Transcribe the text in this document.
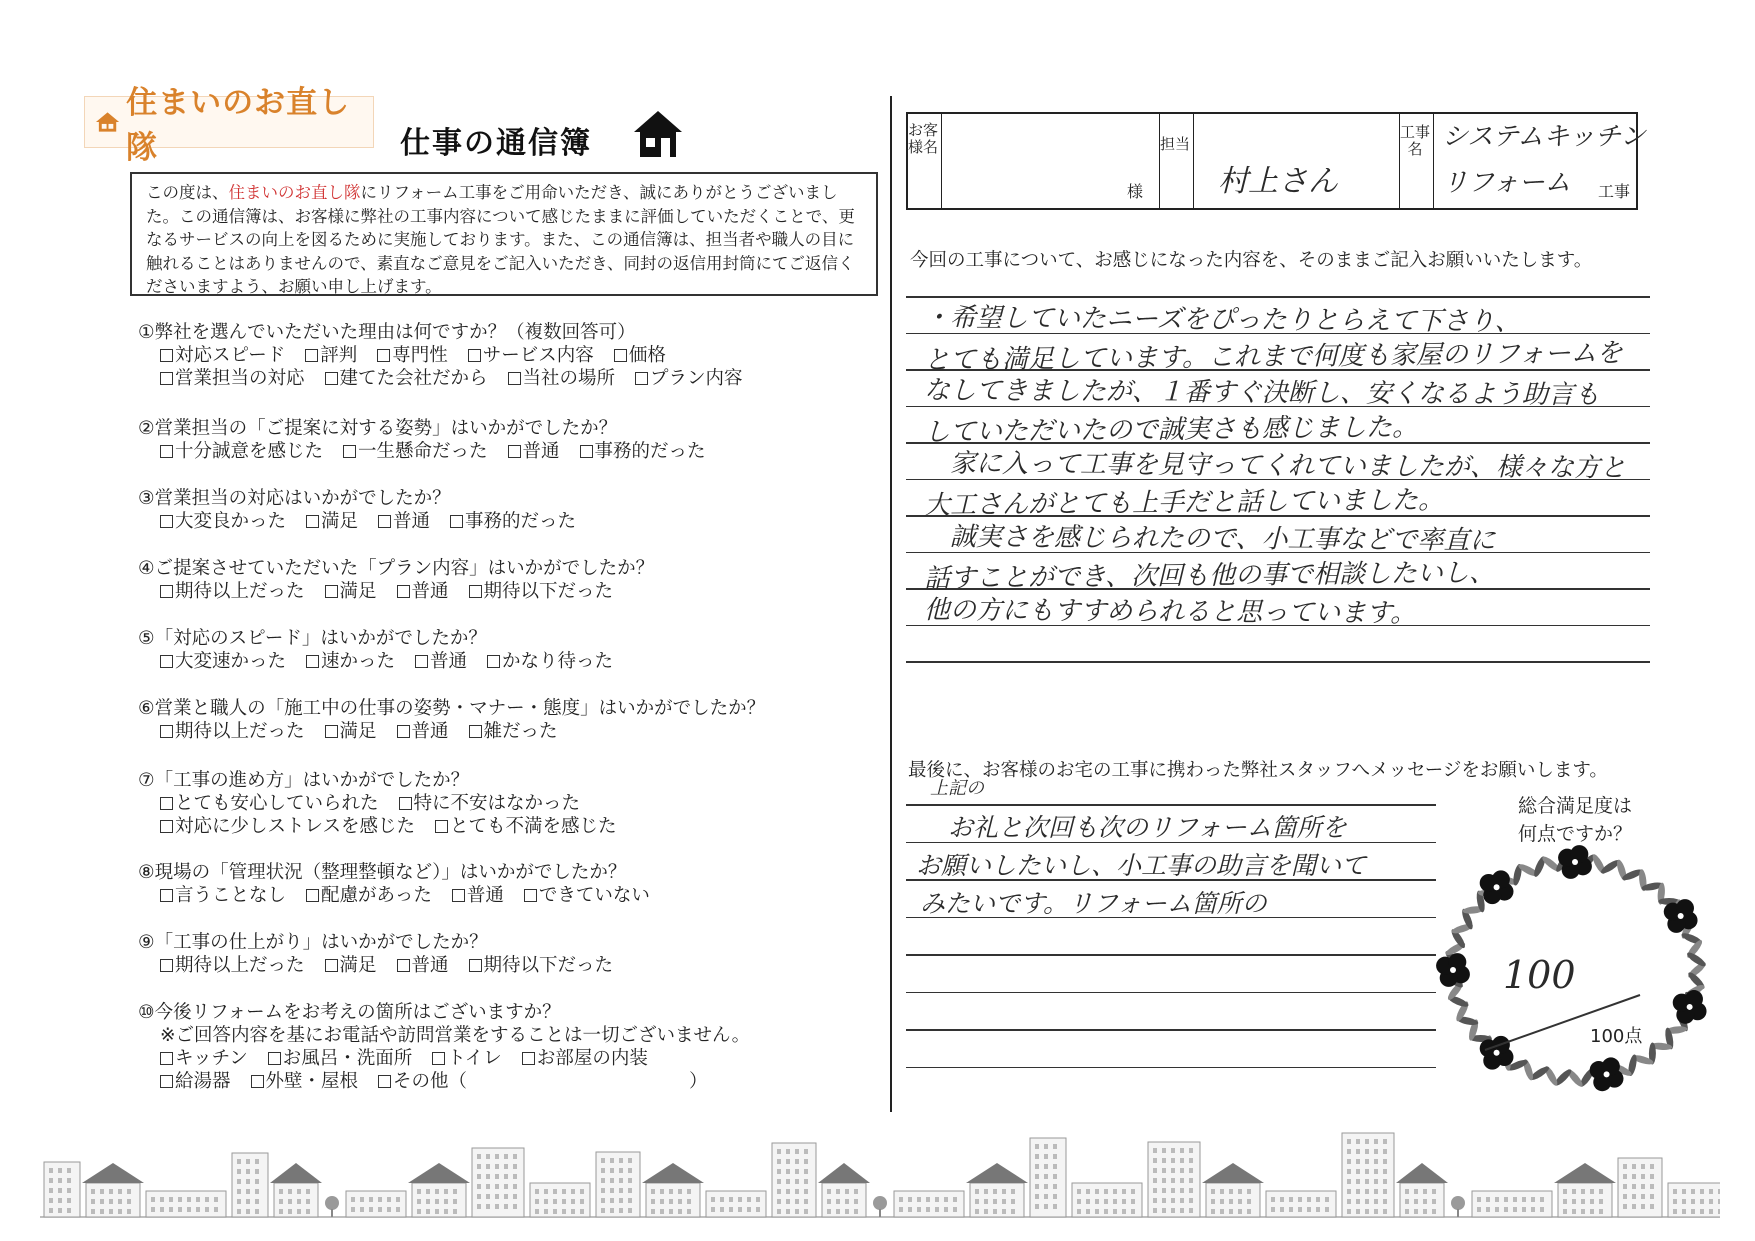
住まいのお直し隊	仕事の通信簿
この度は、住まいのお直し隊にリフォーム工事をご用命いただき、誠にありがとうございました。この通信簿は、お客様に弊社の工事内容について感じたままに評価していただくことで、更なるサービスの向上を図るために実施しております。また、この通信簿は、担当者や職人の目に触れることはありませんので、素直なご意見をご記入いただき、同封の返信用封筒にてご返信くださいますよう、お願い申し上げます。
①弊社を選んでいただいた理由は何ですか？（複数回答可）
対応スピード 評判 専門性 サービス内容 価格
営業担当の対応 建てた会社だから 当社の場所 プラン内容
②営業担当の「ご提案に対する姿勢」はいかがでしたか？
十分誠意を感じた 一生懸命だった 普通 事務的だった
③営業担当の対応はいかがでしたか？
大変良かった 満足 普通 事務的だった
④ご提案させていただいた「プラン内容」はいかがでしたか？
期待以上だった 満足 普通 期待以下だった
⑤「対応のスピード」はいかがでしたか？
大変速かった 速かった 普通 かなり待った
⑥営業と職人の「施工中の仕事の姿勢・マナー・態度」はいかがでしたか？
期待以上だった 満足 普通 雑だった
⑦「工事の進め方」はいかがでしたか？
とても安心していられた 特に不安はなかった
対応に少しストレスを感じた とても不満を感じた
⑧現場の「管理状況（整理整頓など）」はいかがでしたか？
言うことなし 配慮があった 普通 できていない
⑨「工事の仕上がり」はいかがでしたか？
期待以上だった 満足 普通 期待以下だった
⑩今後リフォームをお考えの箇所はございますか？
※ご回答内容を基にお電話や訪問営業をすることは一切ございません。
キッチン お風呂・洗面所 トイレ お部屋の内装
給湯器 外壁・屋根 その他（　　　　　　　　　　　　）
お客様名
様
担当
村上さん
工事名 システムキッチン
リフォーム 工事
今回の工事について、お感じになった内容を、そのままご記入お願いいたします。
・希望していたニーズをぴったりとらえて下さり、
とても満足しています。これまで何度も家屋のリフォームを
なしてきましたが、１番すぐ決断し、安くなるよう助言も
していただいたので誠実さも感じました。
　家に入って工事を見守ってくれていましたが、様々な方と
大工さんがとても上手だと話していました。
　誠実さを感じられたので、小工事などで率直に
話すことができ、次回も他の事で相談したいし、
他の方にもすすめられると思っています。
最後に、お客様のお宅の工事に携わった弊社スタッフへメッセージをお願いします。
上記の
お礼と次回も次のリフォーム箇所を
お願いしたいし、小工事の助言を聞いて
みたいです。リフォーム箇所の
総合満足度は
何点ですか？
100
100点
